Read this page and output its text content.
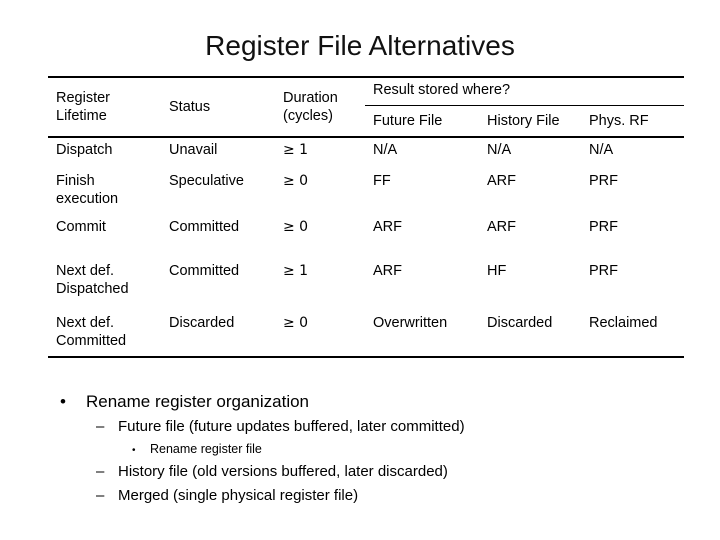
Register File Alternatives
Register Lifetime	Status	Duration (cycles)	Result stored where?		
			Future File	History File	Phys. RF
Dispatch	Unavail	≥ 1	N/A	N/A	N/A
Finish execution	Speculative	≥ 0	FF	ARF	PRF
Commit	Committed	≥ 0	ARF	ARF	PRF
Next def. Dispatched	Committed	≥ 1	ARF	HF	PRF
Next def. Committed	Discarded	≥ 0	Overwritten	Discarded	Reclaimed
• Rename register organization
– Future file (future updates buffered, later committed)
• Rename register file
– History file (old versions buffered, later discarded)
– Merged (single physical register file)
